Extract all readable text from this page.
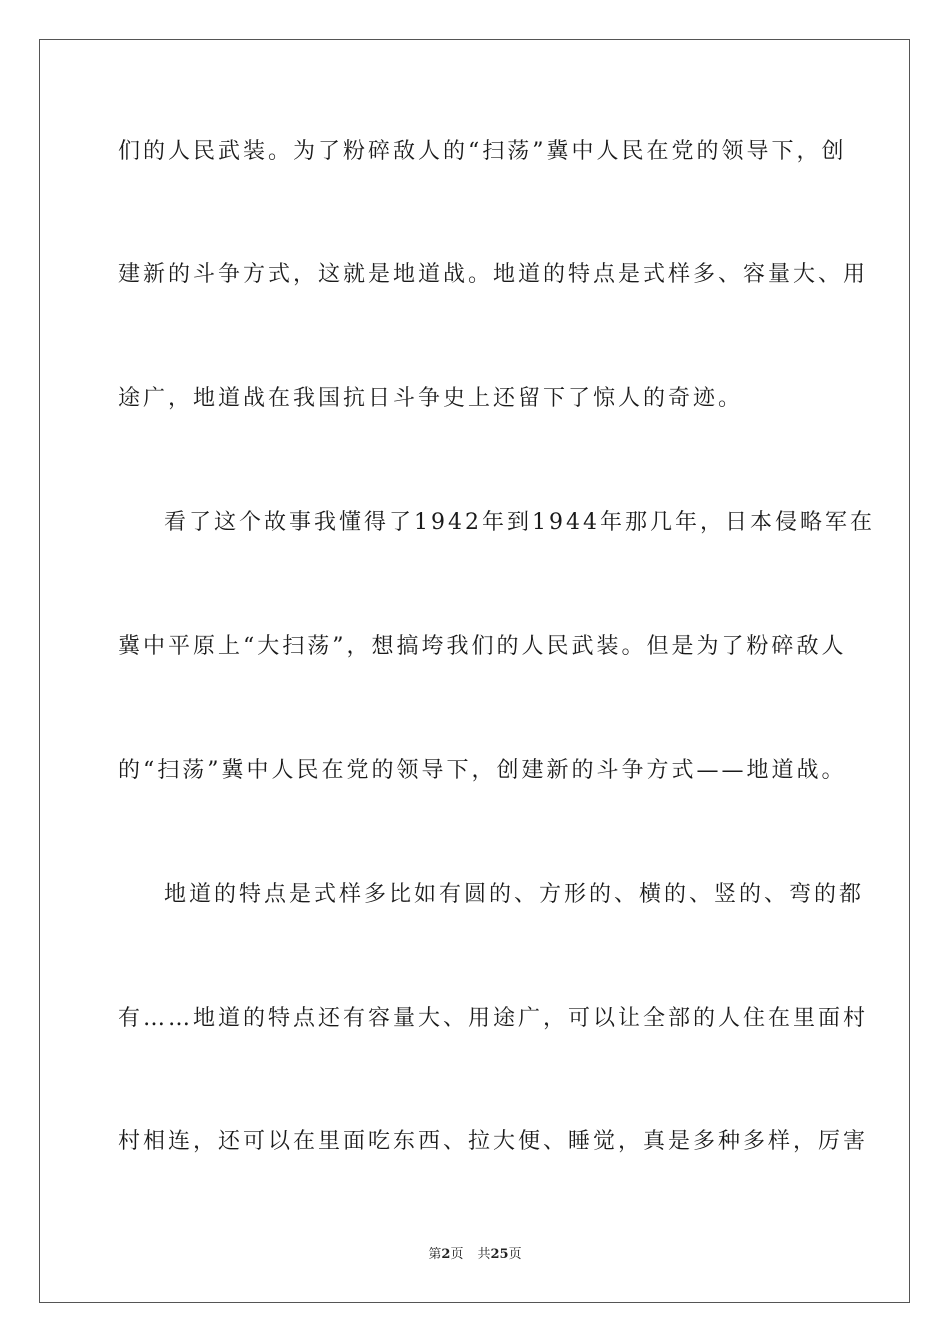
们的人民武装。为了粉碎敌人的“扫荡”冀中人民在党的领导下，创
建新的斗争方式，这就是地道战。地道的特点是式样多、容量大、用
途广，地道战在我国抗日斗争史上还留下了惊人的奇迹。
看了这个故事我懂得了1942年到1944年那几年，日本侵略军在
冀中平原上“大扫荡”，想搞垮我们的人民武装。但是为了粉碎敌人
的“扫荡”冀中人民在党的领导下，创建新的斗争方式——地道战。
地道的特点是式样多比如有圆的、方形的、横的、竖的、弯的都
有……地道的特点还有容量大、用途广，可以让全部的人住在里面村
村相连，还可以在里面吃东西、拉大便、睡觉，真是多种多样，厉害
第2页 共25页
